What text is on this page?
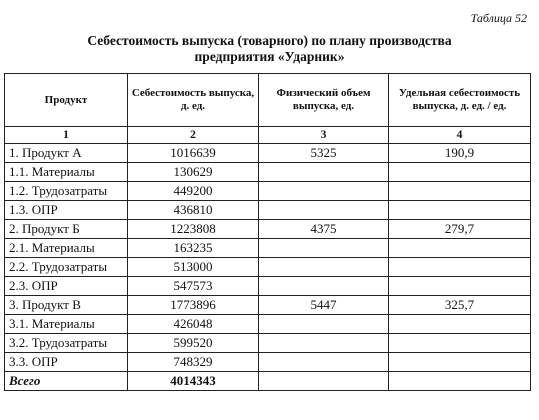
Таблица 52
Себестоимость выпуска (товарного) по плану производства
предприятия «Ударник»
Продукт	Себестоимость выпуска, д. ед.	Физический объем выпуска, ед.	Удельная себестоимость выпуска, д. ед. / ед.
1	2	3	4
1. Продукт А	1016639	5325	190,9
1.1. Материалы	130629		
1.2. Трудозатраты	449200		
1.3. ОПР	436810		
2. Продукт Б	1223808	4375	279,7
2.1. Материалы	163235		
2.2. Трудозатраты	513000		
2.3. ОПР	547573		
3. Продукт В	1773896	5447	325,7
3.1. Материалы	426048		
3.2. Трудозатраты	599520		
3.3. ОПР	748329		
Всего	4014343		
